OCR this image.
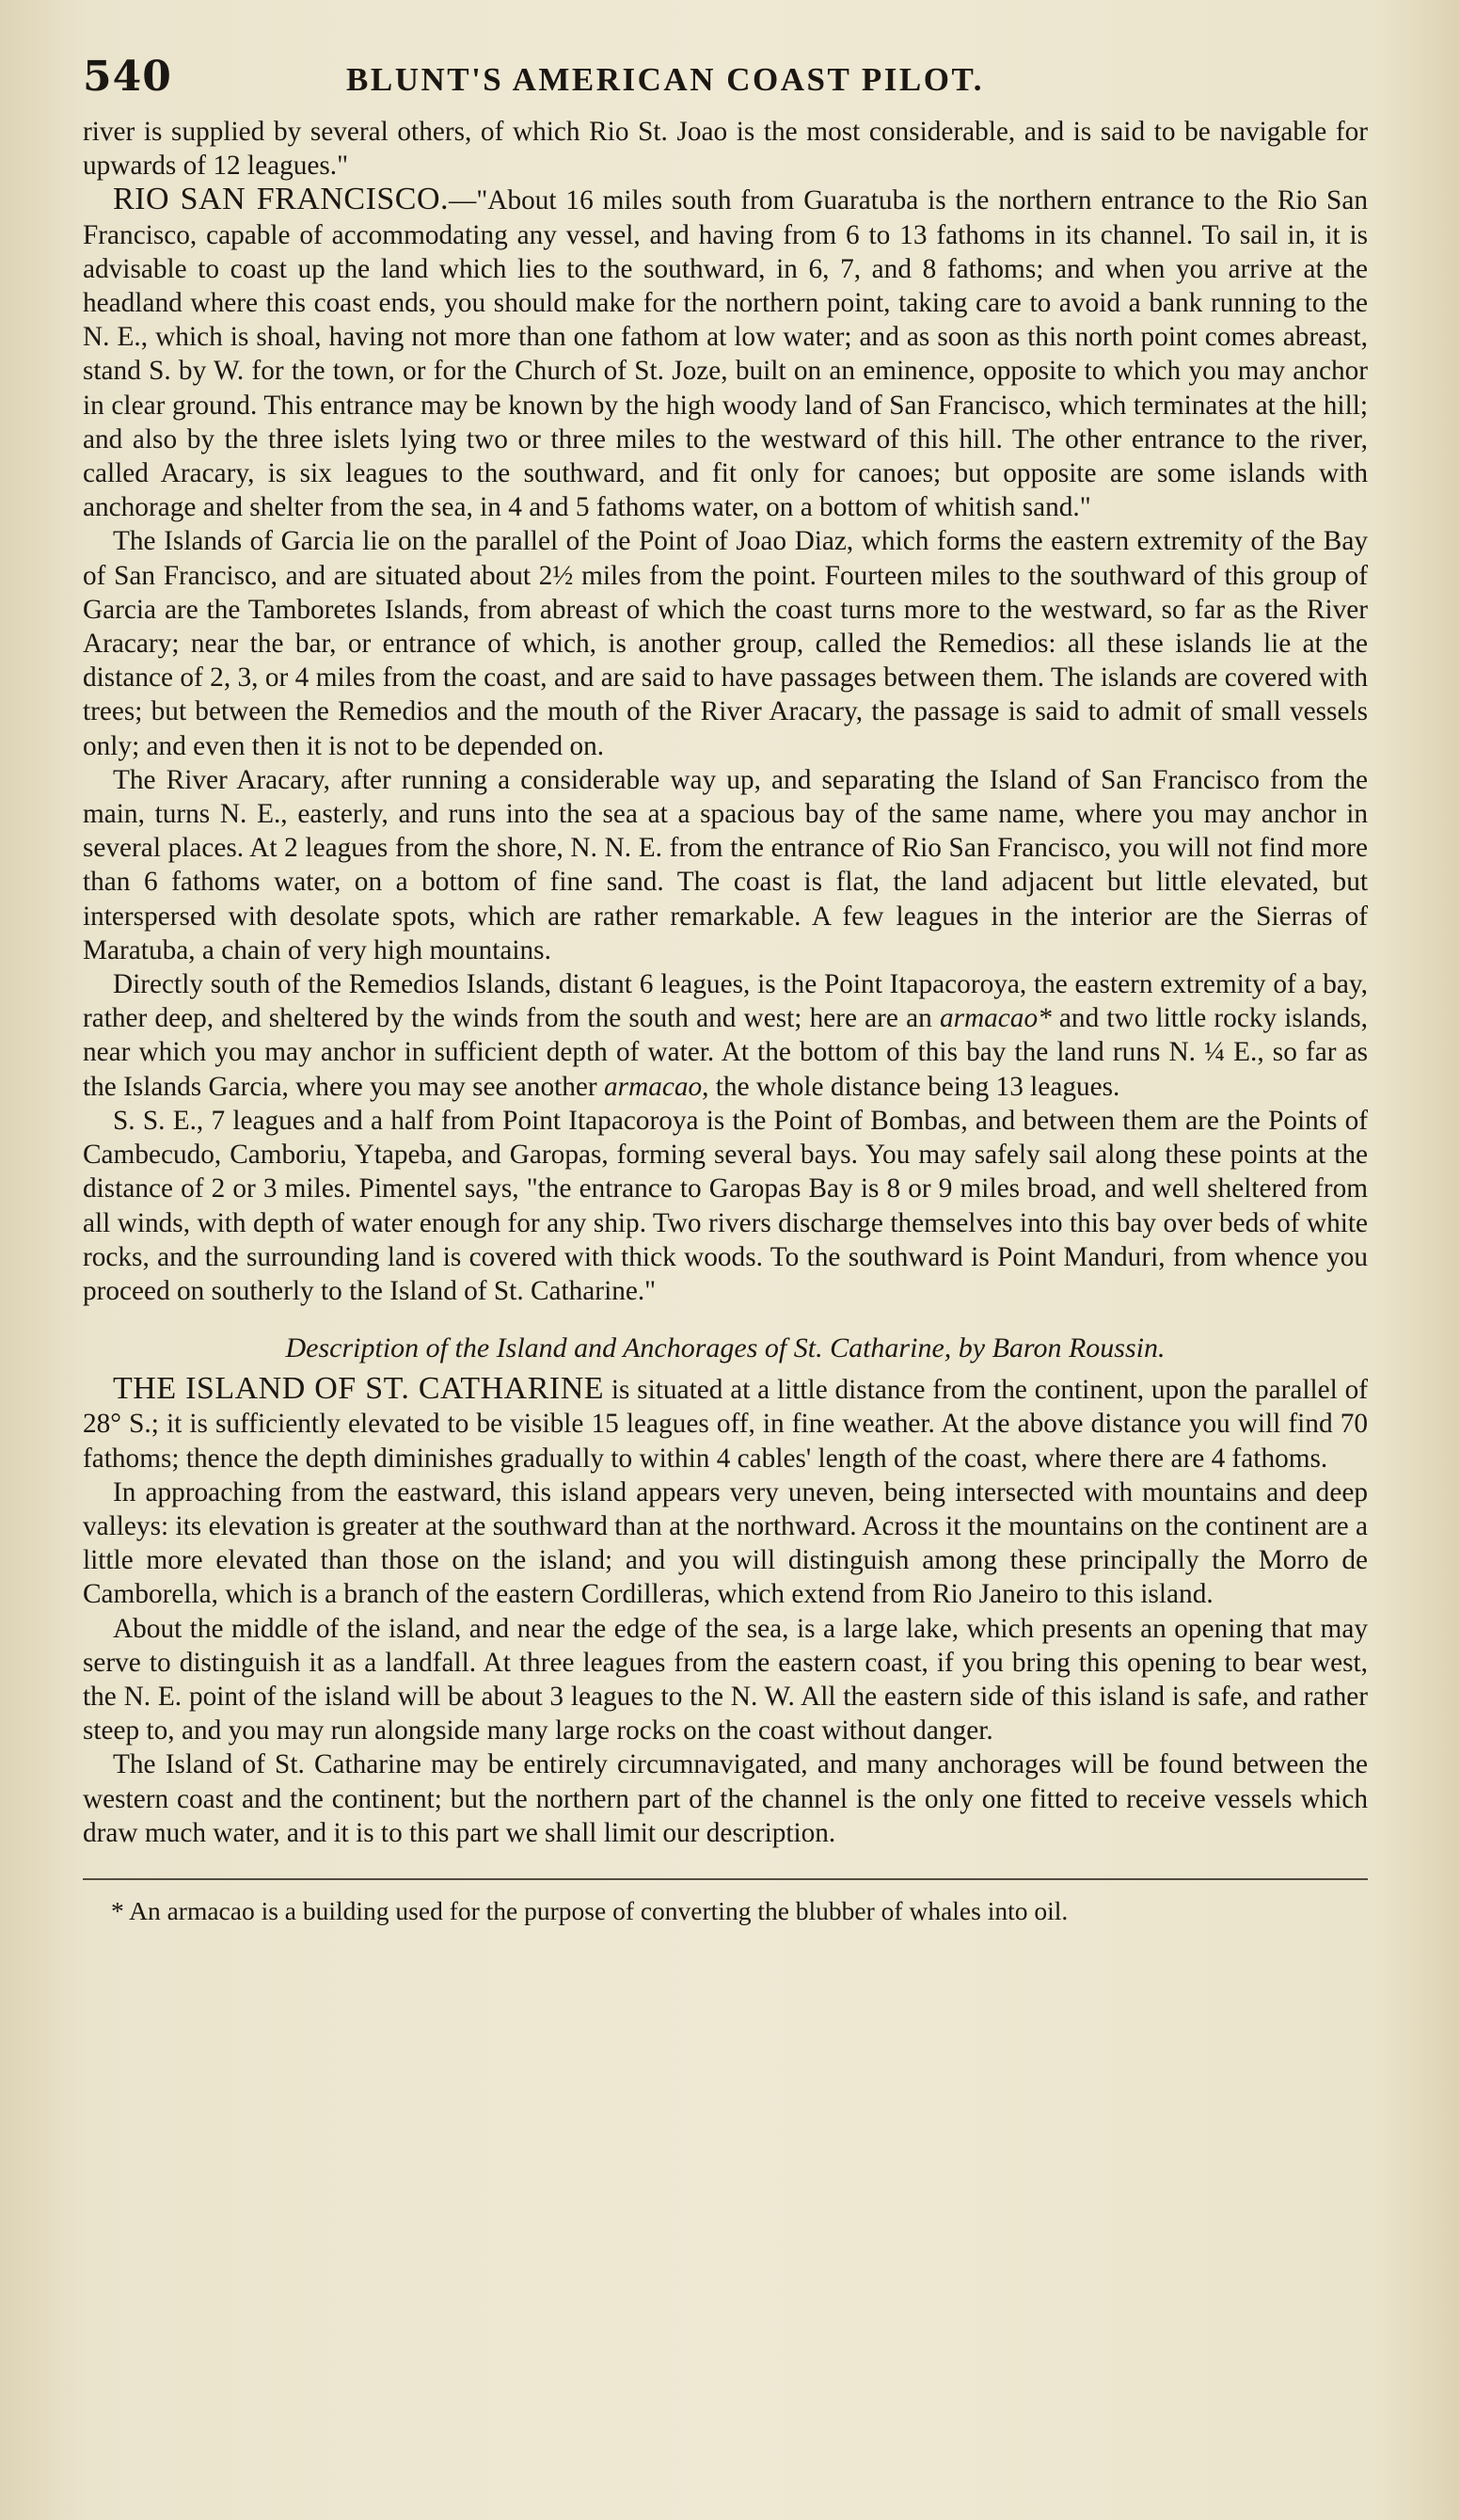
540	BLUNT'S AMERICAN COAST PILOT.

river is supplied by several others, of which Rio St. Joao is the most considerable, and is said to be navigable for upwards of 12 leagues."

RIO SAN FRANCISCO.—"About 16 miles south from Guaratuba is the northern entrance to the Rio San Francisco, capable of accommodating any vessel, and having from 6 to 13 fathoms in its channel. To sail in, it is advisable to coast up the land which lies to the southward, in 6, 7, and 8 fathoms; and when you arrive at the headland where this coast ends, you should make for the northern point, taking care to avoid a bank running to the N. E., which is shoal, having not more than one fathom at low water; and as soon as this north point comes abreast, stand S. by W. for the town, or for the Church of St. Joze, built on an eminence, opposite to which you may anchor in clear ground. This entrance may be known by the high woody land of San Francisco, which terminates at the hill; and also by the three islets lying two or three miles to the westward of this hill. The other entrance to the river, called Aracary, is six leagues to the southward, and fit only for canoes; but opposite are some islands with anchorage and shelter from the sea, in 4 and 5 fathoms water, on a bottom of whitish sand."

The Islands of Garcia lie on the parallel of the Point of Joao Diaz, which forms the eastern extremity of the Bay of San Francisco, and are situated about 2½ miles from the point. Fourteen miles to the southward of this group of Garcia are the Tamboretes Islands, from abreast of which the coast turns more to the westward, so far as the River Aracary; near the bar, or entrance of which, is another group, called the Remedios: all these islands lie at the distance of 2, 3, or 4 miles from the coast, and are said to have passages between them. The islands are covered with trees; but between the Remedios and the mouth of the River Aracary, the passage is said to admit of small vessels only; and even then it is not to be depended on.

The River Aracary, after running a considerable way up, and separating the Island of San Francisco from the main, turns N. E., easterly, and runs into the sea at a spacious bay of the same name, where you may anchor in several places. At 2 leagues from the shore, N. N. E. from the entrance of Rio San Francisco, you will not find more than 6 fathoms water, on a bottom of fine sand. The coast is flat, the land adjacent but little elevated, but interspersed with desolate spots, which are rather remarkable. A few leagues in the interior are the Sierras of Maratuba, a chain of very high mountains.

Directly south of the Remedios Islands, distant 6 leagues, is the Point Itapacoroya, the eastern extremity of a bay, rather deep, and sheltered by the winds from the south and west; here are an armacao* and two little rocky islands, near which you may anchor in sufficient depth of water. At the bottom of this bay the land runs N. ¼ E., so far as the Islands Garcia, where you may see another armacao, the whole distance being 13 leagues.

S. S. E., 7 leagues and a half from Point Itapacoroya is the Point of Bombas, and between them are the Points of Cambecudo, Camboriu, Ytapeba, and Garopas, forming several bays. You may safely sail along these points at the distance of 2 or 3 miles. Pimentel says, "the entrance to Garopas Bay is 8 or 9 miles broad, and well sheltered from all winds, with depth of water enough for any ship. Two rivers discharge themselves into this bay over beds of white rocks, and the surrounding land is covered with thick woods. To the southward is Point Manduri, from whence you proceed on southerly to the Island of St. Catharine."

Description of the Island and Anchorages of St. Catharine, by Baron Roussin.

THE ISLAND OF ST. CATHARINE is situated at a little distance from the continent, upon the parallel of 28° S.; it is sufficiently elevated to be visible 15 leagues off, in fine weather. At the above distance you will find 70 fathoms; thence the depth diminishes gradually to within 4 cables' length of the coast, where there are 4 fathoms.

In approaching from the eastward, this island appears very uneven, being intersected with mountains and deep valleys: its elevation is greater at the southward than at the northward. Across it the mountains on the continent are a little more elevated than those on the island; and you will distinguish among these principally the Morro de Camborella, which is a branch of the eastern Cordilleras, which extend from Rio Janeiro to this island.

About the middle of the island, and near the edge of the sea, is a large lake, which presents an opening that may serve to distinguish it as a landfall. At three leagues from the eastern coast, if you bring this opening to bear west, the N. E. point of the island will be about 3 leagues to the N. W. All the eastern side of this island is safe, and rather steep to, and you may run alongside many large rocks on the coast without danger.

The Island of St. Catharine may be entirely circumnavigated, and many anchorages will be found between the western coast and the continent; but the northern part of the channel is the only one fitted to receive vessels which draw much water, and it is to this part we shall limit our description.

* An armacao is a building used for the purpose of converting the blubber of whales into oil.
